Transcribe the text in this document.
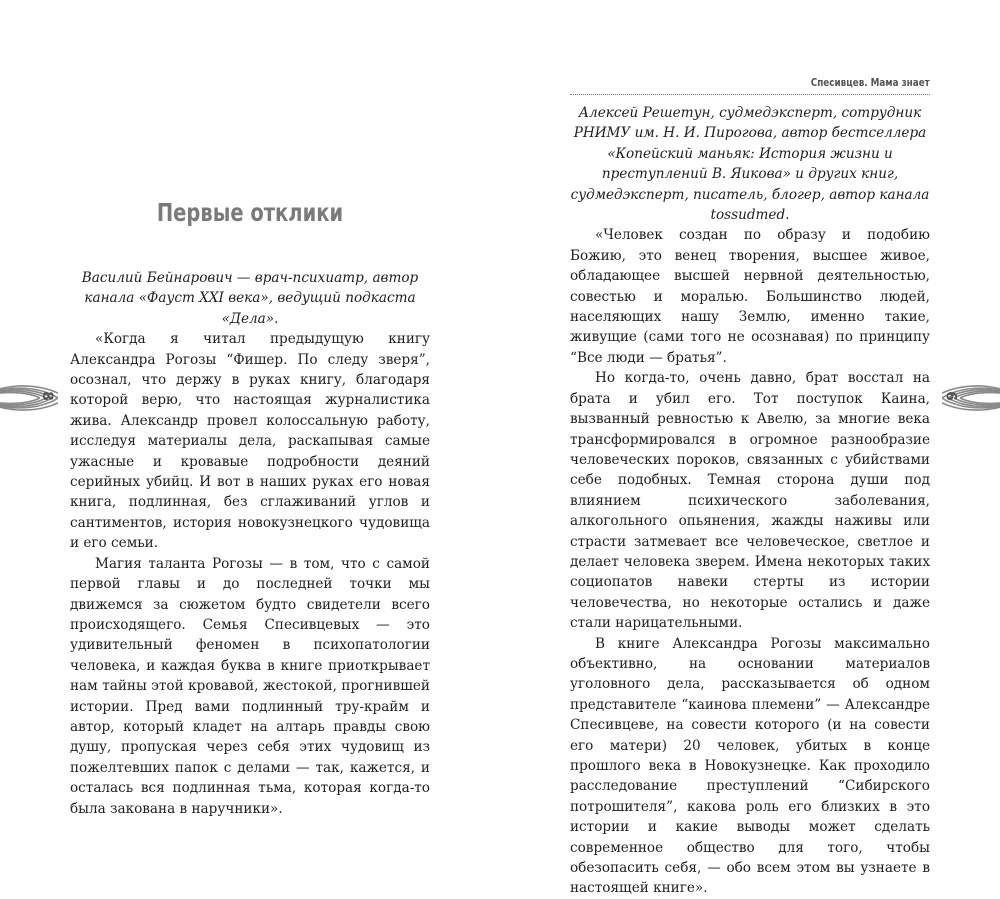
8
Первые отклики

Василий Бейнарович — врач-психиатр, автор канала «Фауст XXI века», ведущий подкаста «Дела».

«Когда я читал предыдущую книгу Александра Рогозы “Фишер. По следу зверя”, осознал, что держу в руках книгу, благодаря которой верю, что настоящая журналистика жива. Александр провел колоссальную работу, исследуя материалы дела, раскапывая самые ужасные и кровавые подробности деяний серийных убийц. И вот в наших руках его новая книга, подлинная, без сглаживаний углов и сантиментов, история новокузнецкого чудовища и его семьи.

Магия таланта Рогозы — в том, что с самой первой главы и до последней точки мы движемся за сюжетом будто свидетели всего происходящего. Семья Спесивцевых — это удивительный феномен в психопатологии человека, и каждая буква в книге приоткрывает нам тайны этой кровавой, жестокой, прогнившей истории. Пред вами подлинный тру-крайм и автор, который кладет на алтарь правды свою душу, пропуская через себя этих чудовищ из пожелтевших папок с делами — так, кажется, и осталась вся подлинная тьма, которая когда-то была закована в наручники».

Спесивцев. Мама знает

Алексей Решетун, судмедэксперт, сотрудник РНИМУ им. Н. И. Пирогова, автор бестселлера «Копейский маньяк: История жизни и преступлений В. Яикова» и других книг, судмедэксперт, писатель, блогер, автор канала tossudmed.

«Человек создан по образу и подобию Божию, это венец творения, высшее живое, обладающее высшей нервной деятельностью, совестью и моралью. Большинство людей, населяющих нашу Землю, именно такие, живущие (сами того не осознавая) по принципу “Все люди — братья”.

Но когда-то, очень давно, брат восстал на брата и убил его. Тот поступок Каина, вызванный ревностью к Авелю, за многие века трансформировался в огромное разнообразие человеческих пороков, связанных с убийствами себе подобных. Темная сторона души под влиянием психического заболевания, алкогольного опьянения, жажды наживы или страсти затмевает все человеческое, светлое и делает человека зверем. Имена некоторых таких социопатов навеки стерты из истории человечества, но некоторые остались и даже стали нарицательными.

В книге Александра Рогозы максимально объективно, на основании материалов уголовного дела, рассказывается об одном представителе “каинова племени” — Александре Спесивцеве, на совести которого (и на совести его матери) 20 человек, убитых в конце прошлого века в Новокузнецке. Как проходило расследование преступлений “Сибирского потрошителя”, какова роль его близких в это истории и какие выводы может сделать современное общество для того, чтобы обезопасить себя, — обо всем этом вы узнаете в настоящей книге».

9
